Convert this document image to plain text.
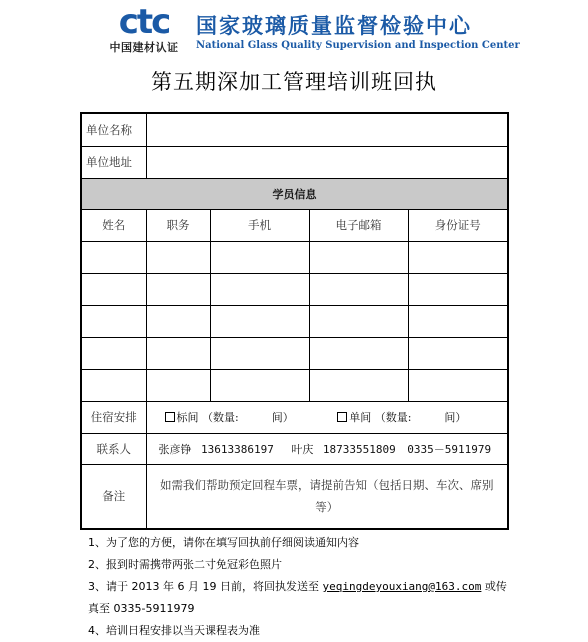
ctc
中国建材认证
国家玻璃质量监督检验中心
National Glass Quality Supervision and Inspection Center
第五期深加工管理培训班回执
单位名称				
单位地址				
学员信息				
姓名	职务	手机	电子邮箱	身份证号

住宿安排	标间 （数量:　　　间） 单间 （数量:　　　间）			
联系人	张彦铮 13613386197 叶庆 18733551809 0335－5911979			
备注	如需我们帮助预定回程车票，请提前告知（包括日期、车次、席别等）			

1、为了您的方便，请你在填写回执前仔细阅读通知内容

2、报到时需携带两张二寸免冠彩色照片

3、请于 2013 年 6 月 19 日前，将回执发送至 yeqingdeyouxiang@163.com 或传

真至 0335-5911979

4、培训日程安排以当天课程表为准
